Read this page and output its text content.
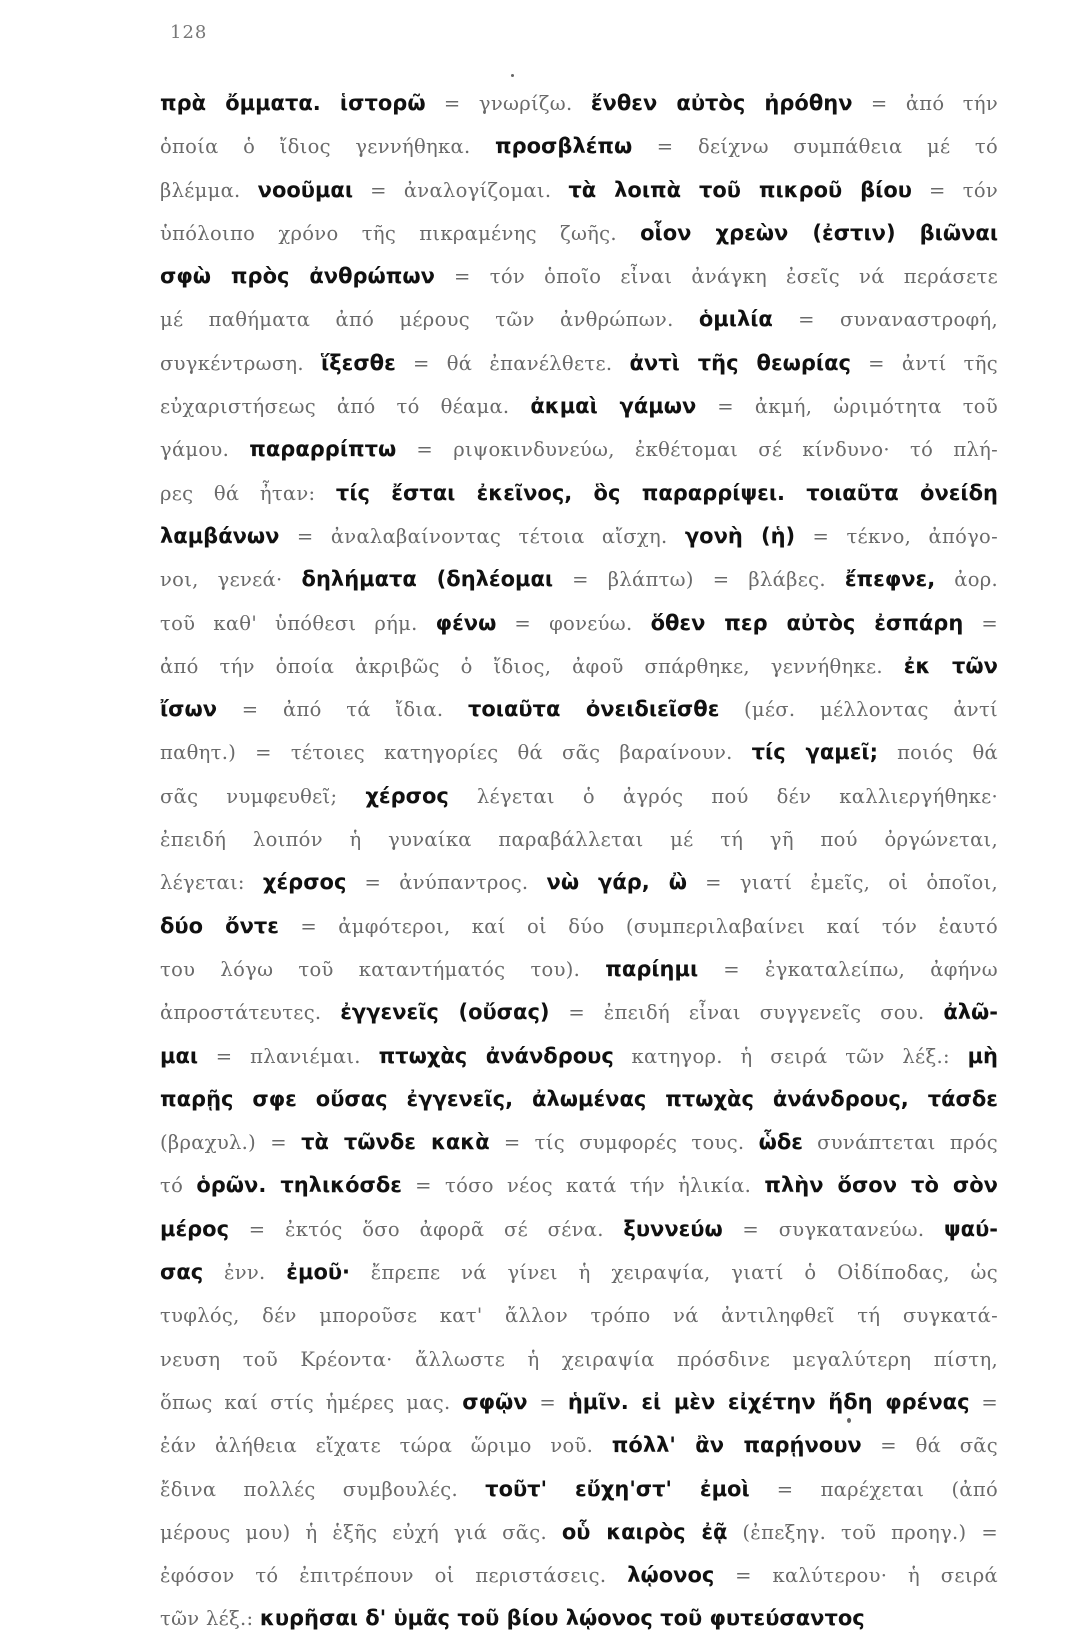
128
πρὰ ὄμματα. ἱστορῶ = γνωρίζω. ἔνθεν αὐτὸς ἠρόθην = ἀπό τήν
ὁποία ὁ ἴδιος γεννήθηκα. προσβλέπω = δείχνω συμπάθεια μέ τό
βλέμμα. νοοῦμαι = ἀναλογίζομαι. τὰ λοιπὰ τοῦ πικροῦ βίου = τόν
ὑπόλοιπο χρόνο τῆς πικραμένης ζωῆς. οἷον χρεὼν (ἐστιν) βιῶναι
σφὼ πρὸς ἀνθρώπων = τόν ὁποῖο εἶναι ἀνάγκη ἐσεῖς νά περάσετε
μέ παθήματα ἀπό μέρους τῶν ἀνθρώπων. ὁμιλία = συναναστροφή,
συγκέντρωση. ἵξεσθε = θά ἐπανέλθετε. ἀντὶ τῆς θεωρίας = ἀντί τῆς
εὐχαριστήσεως ἀπό τό θέαμα. ἀκμαὶ γάμων = ἀκμή, ὡριμότητα τοῦ
γάμου. παραρρίπτω = ριψοκινδυνεύω, ἐκθέτομαι σέ κίνδυνο· τό πλή-
ρες θά ἦταν: τίς ἔσται ἐκεῖνος, ὃς παραρρίψει. τοιαῦτα ὀνείδη
λαμβάνων = ἀναλαβαίνοντας τέτοια αἴσχη. γονὴ (ἡ) = τέκνο, ἀπόγο-
νοι, γενεά· δηλήματα (δηλέομαι = βλάπτω) = βλάβες. ἔπεφνε, ἀορ.
τοῦ καθ' ὑπόθεσι ρήμ. φένω = φονεύω. ὅθεν περ αὐτὸς ἐσπάρη =
ἀπό τήν ὁποία ἀκριβῶς ὁ ἴδιος, ἀφοῦ σπάρθηκε, γεννήθηκε. ἐκ τῶν
ἴσων = ἀπό τά ἴδια. τοιαῦτα ὀνειδιεῖσθε (μέσ. μέλλοντας ἀντί
παθητ.) = τέτοιες κατηγορίες θά σᾶς βαραίνουν. τίς γαμεῖ; ποιός θά
σᾶς νυμφευθεῖ; χέρσος λέγεται ὁ ἀγρός πού δέν καλλιεργήθηκε·
ἐπειδή λοιπόν ἡ γυναίκα παραβάλλεται μέ τή γῆ πού ὀργώνεται,
λέγεται: χέρσος = ἀνύπαντρος. νὼ γάρ, ὢ = γιατί ἐμεῖς, οἱ ὁποῖοι,
δύο ὄντε = ἀμφότεροι, καί οἱ δύο (συμπεριλαβαίνει καί τόν ἑαυτό
του λόγω τοῦ καταντήματός του). παρίημι = ἐγκαταλείπω, ἀφήνω
ἀπροστάτευτες. ἐγγενεῖς (οὔσας) = ἐπειδή εἶναι συγγενεῖς σου. ἀλῶ-
μαι = πλανιέμαι. πτωχὰς ἀνάνδρους κατηγορ. ἡ σειρά τῶν λέξ.: μὴ
παρῇς σφε οὔσας ἐγγενεῖς, ἀλωμένας πτωχὰς ἀνάνδρους, τάσδε
(βραχυλ.) = τὰ τῶνδε κακὰ = τίς συμφορές τους. ὧδε συνάπτεται πρός
τό ὁρῶν. τηλικόσδε = τόσο νέος κατά τήν ἡλικία. πλὴν ὅσον τὸ σὸν
μέρος = ἐκτός ὅσο ἀφορᾶ σέ σένα. ξυννεύω = συγκατανεύω. ψαύ-
σας ἐνν. ἐμοῦ· ἔπρεπε νά γίνει ἡ χειραψία, γιατί ὁ Οἰδίποδας, ὡς
τυφλός, δέν μποροῦσε κατ' ἄλλον τρόπο νά ἀντιληφθεῖ τή συγκατά-
νευση τοῦ Κρέοντα· ἄλλωστε ἡ χειραψία πρόσδινε μεγαλύτερη πίστη,
ὅπως καί στίς ἡμέρες μας. σφῷν = ἡμῖν. εἰ μὲν εἰχέτην ἤδη φρένας =
ἐάν ἀλήθεια εἴχατε τώρα ὥριμο νοῦ. πόλλ' ἂν παρῄνουν = θά σᾶς
ἔδινα πολλές συμβουλές. τοῦτ' εὔχη'στ' ἐμοὶ = παρέχεται (ἀπό
μέρους μου) ἡ ἑξῆς εὐχή γιά σᾶς. οὗ καιρὸς ἐᾷ (ἐπεξηγ. τοῦ προηγ.) =
ἐφόσον τό ἐπιτρέπουν οἱ περιστάσεις. λῴονος = καλύτερου· ἡ σειρά
τῶν λέξ.: κυρῆσαι δ' ὑμᾶς τοῦ βίου λῴονος τοῦ φυτεύσαντος
